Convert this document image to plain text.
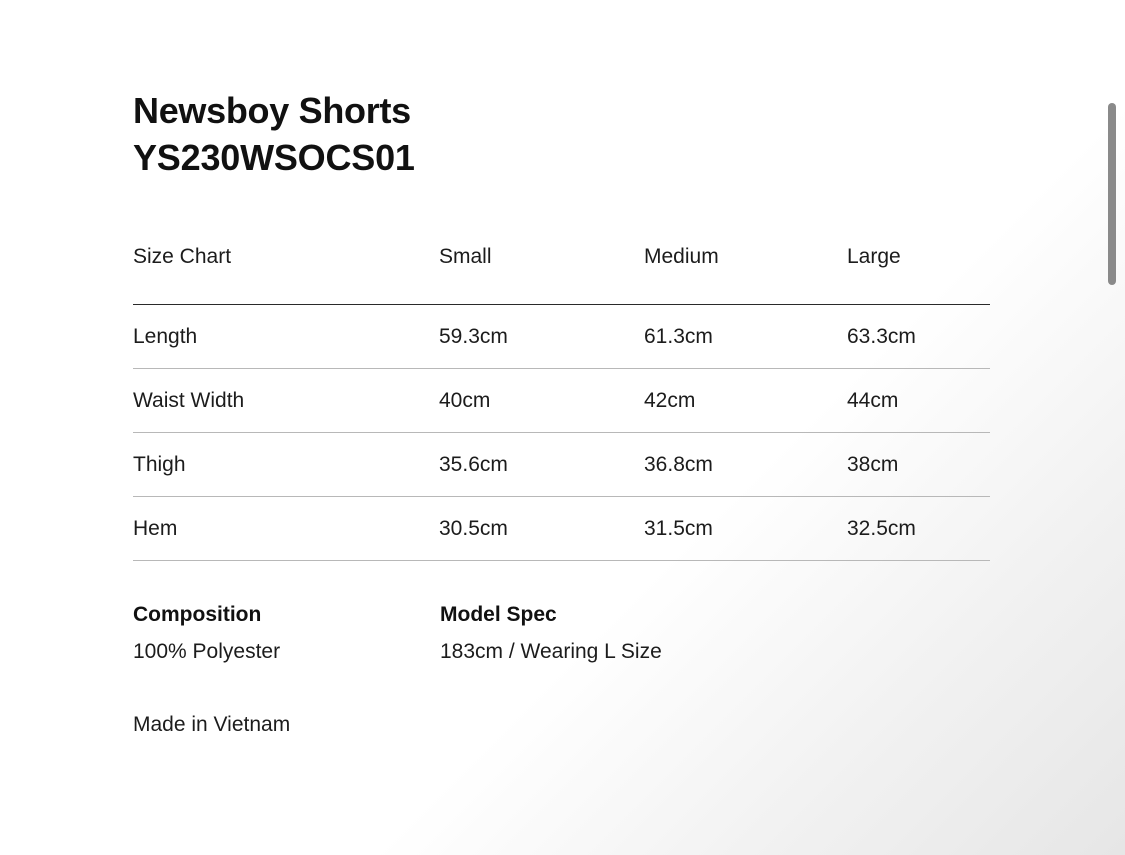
Newsboy Shorts
YS230WSOCS01
Size Chart	Small	Medium	Large
Length	59.3cm	61.3cm	63.3cm
Waist Width	40cm	42cm	44cm
Thigh	35.6cm	36.8cm	38cm
Hem	30.5cm	31.5cm	32.5cm
Composition
100% Polyester
Model Spec
183cm / Wearing L Size
Made in Vietnam
